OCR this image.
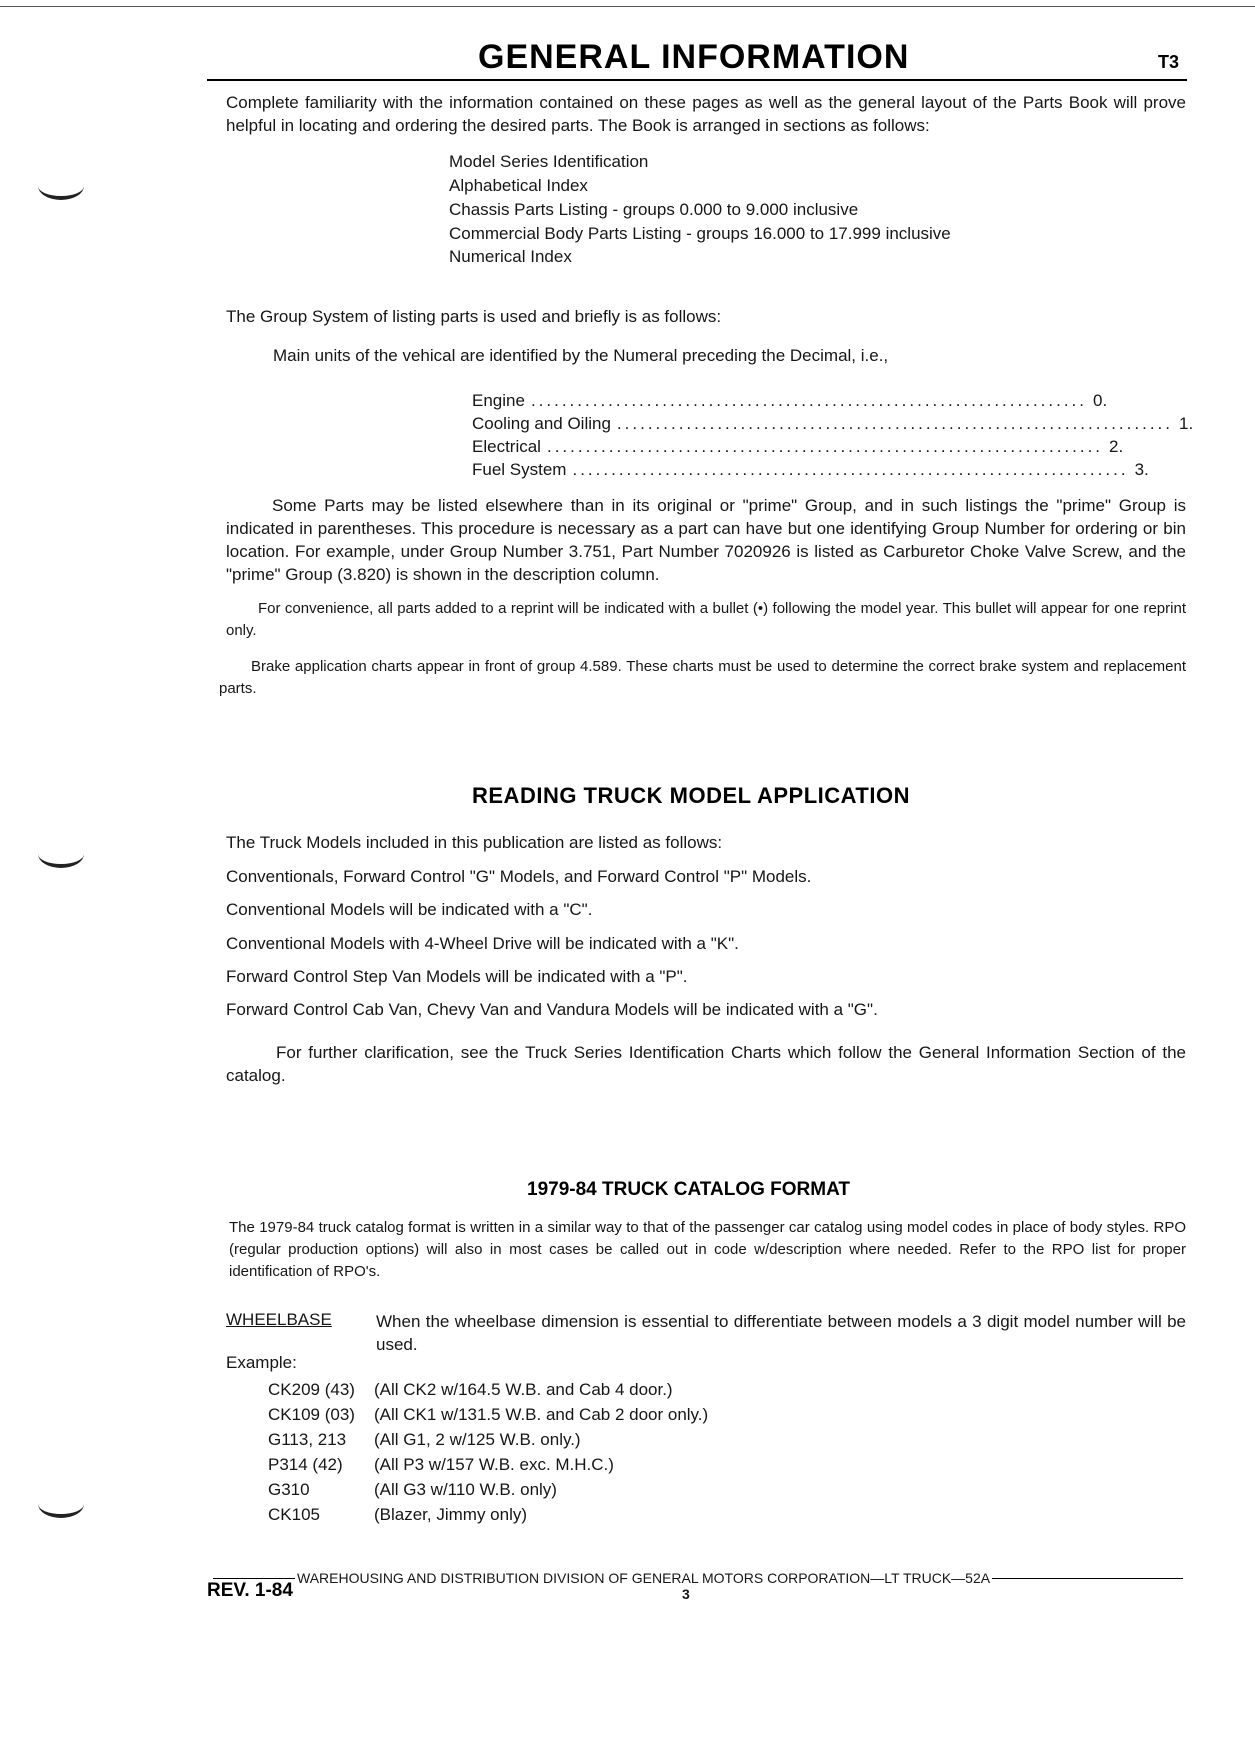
GENERAL INFORMATION	T3
Complete familiarity with the information contained on these pages as well as the general layout of the Parts Book will prove helpful in locating and ordering the desired parts. The Book is arranged in sections as follows:
Model Series Identification
Alphabetical Index
Chassis Parts Listing - groups 0.000 to 9.000 inclusive
Commercial Body Parts Listing - groups 16.000 to 17.999 inclusive
Numerical Index
The Group System of listing parts is used and briefly is as follows:
Main units of the vehical are identified by the Numeral preceding the Decimal, i.e.,
Engine ........................................................................ 0.
Cooling and Oiling ........................................................................ 1.
Electrical ........................................................................ 2.
Fuel System ........................................................................ 3.
Some Parts may be listed elsewhere than in its original or "prime" Group, and in such listings the "prime" Group is indicated in parentheses. This procedure is necessary as a part can have but one identifying Group Number for ordering or bin location. For example, under Group Number 3.751, Part Number 7020926 is listed as Carburetor Choke Valve Screw, and the "prime" Group (3.820) is shown in the description column.
For convenience, all parts added to a reprint will be indicated with a bullet (•) following the model year. This bullet will appear for one reprint only.
Brake application charts appear in front of group 4.589. These charts must be used to determine the correct brake system and replacement parts.
READING TRUCK MODEL APPLICATION
The Truck Models included in this publication are listed as follows:
Conventionals, Forward Control "G" Models, and Forward Control "P" Models.
Conventional Models will be indicated with a "C".
Conventional Models with 4-Wheel Drive will be indicated with a "K".
Forward Control Step Van Models will be indicated with a "P".
Forward Control Cab Van, Chevy Van and Vandura Models will be indicated with a "G".
For further clarification, see the Truck Series Identification Charts which follow the General Information Section of the catalog.
1979-84 TRUCK CATALOG FORMAT
The 1979-84 truck catalog format is written in a similar way to that of the passenger car catalog using model codes in place of body styles. RPO (regular production options) will also in most cases be called out in code w/description where needed. Refer to the RPO list for proper identification of RPO's.
WHEELBASE	When the wheelbase dimension is essential to differentiate between models a 3 digit model number will be used.
Example:
CK209 (43) (All CK2 w/164.5 W.B. and Cab 4 door.)
CK109 (03) (All CK1 w/131.5 W.B. and Cab 2 door only.)
G113, 213 (All G1, 2 w/125 W.B. only.)
P314 (42) (All P3 w/157 W.B. exc. M.H.C.)
G310	(All G3 w/110 W.B. only)
CK105	(Blazer, Jimmy only)
WAREHOUSING AND DISTRIBUTION DIVISION OF GENERAL MOTORS CORPORATION—LT TRUCK—52A
REV. 1-84	3
